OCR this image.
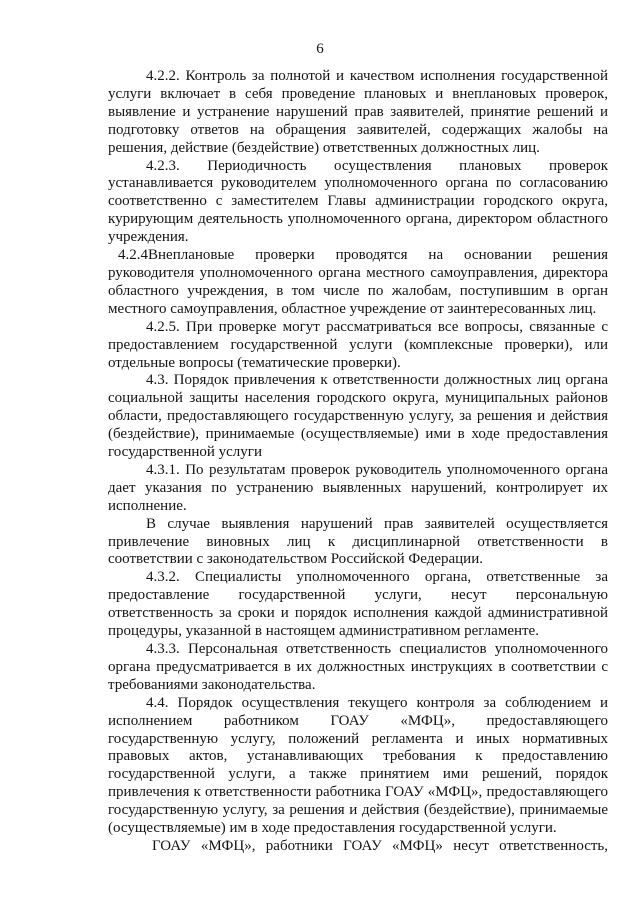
6

4.2.2. Контроль за полнотой и качеством исполнения государственной услуги включает в себя проведение плановых и внеплановых проверок, выявление и устранение нарушений прав заявителей, принятие решений и подготовку ответов на обращения заявителей, содержащих жалобы на решения, действие (бездействие) ответственных должностных лиц.

4.2.3. Периодичность осуществления плановых проверок устанавливается руководителем уполномоченного органа по согласованию соответственно с заместителем Главы администрации городского округа, курирующим деятельность уполномоченного органа, директором областного учреждения.

4.2.4Внеплановые проверки проводятся на основании решения руководителя уполномоченного органа местного самоуправления, директора областного учреждения, в том числе по жалобам, поступившим в орган местного самоуправления, областное учреждение от заинтересованных лиц.

4.2.5. При проверке могут рассматриваться все вопросы, связанные с предоставлением государственной услуги (комплексные проверки), или отдельные вопросы (тематические проверки).

4.3. Порядок привлечения к ответственности должностных лиц органа социальной защиты населения городского округа, муниципальных районов области, предоставляющего государственную услугу, за решения и действия (бездействие), принимаемые (осуществляемые) ими в ходе предоставления государственной услуги

4.3.1. По результатам проверок руководитель уполномоченного органа дает указания по устранению выявленных нарушений, контролирует их исполнение.

В случае выявления нарушений прав заявителей осуществляется привлечение виновных лиц к дисциплинарной ответственности в соответствии с законодательством Российской Федерации.

4.3.2. Специалисты уполномоченного органа, ответственные за предоставление государственной услуги, несут персональную ответственность за сроки и порядок исполнения каждой административной процедуры, указанной в настоящем административном регламенте.

4.3.3. Персональная ответственность специалистов уполномоченного органа предусматривается в их должностных инструкциях в соответствии с требованиями законодательства.

4.4. Порядок осуществления текущего контроля за соблюдением и исполнением работником ГОАУ «МФЦ», предоставляющего государственную услугу, положений регламента и иных нормативных правовых актов, устанавливающих требования к предоставлению государственной услуги, а также принятием ими решений, порядок привлечения к ответственности работника ГОАУ «МФЦ», предоставляющего государственную услугу, за решения и действия (бездействие), принимаемые (осуществляемые) им в ходе предоставления государственной услуги.

ГОАУ «МФЦ», работники ГОАУ «МФЦ» несут ответственность,
